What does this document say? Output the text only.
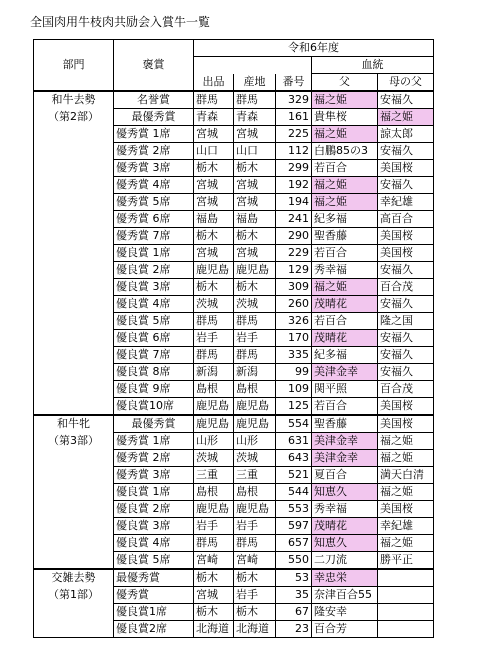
全国肉用牛枝肉共励会入賞牛一覧
部門	褒賞	令和6年度				
					血統	
		出品	産地	番号	父	母の父
和牛去勢	名誉賞	群馬	群馬	329	福之姫	安福久
（第2部）	最優秀賞	青森	青森	161	貴隼桜	福之姫
	優秀賞 1席	宮城	宮城	225	福之姫	諒太郎
	優秀賞 2席	山口	山口	112	白鵬85の3	安福久
	優秀賞 3席	栃木	栃木	299	若百合	美国桜
	優秀賞 4席	宮城	宮城	192	福之姫	安福久
	優秀賞 5席	宮城	宮城	194	福之姫	幸紀雄
	優秀賞 6席	福島	福島	241	紀多福	高百合
	優秀賞 7席	栃木	栃木	290	聖香藤	美国桜
	優良賞 1席	宮城	宮城	229	若百合	美国桜
	優良賞 2席	鹿児島	鹿児島	129	秀幸福	安福久
	優良賞 3席	栃木	栃木	309	福之姫	百合茂
	優良賞 4席	茨城	茨城	260	茂晴花	安福久
	優良賞 5席	群馬	群馬	326	若百合	隆之国
	優良賞 6席	岩手	岩手	170	茂晴花	安福久
	優良賞 7席	群馬	群馬	335	紀多福	安福久
	優良賞 8席	新潟	新潟	99	美津金幸	安福久
	優良賞 9席	島根	島根	109	関平照	百合茂
	優良賞10席	鹿児島	鹿児島	125	若百合	美国桜
和牛牝	最優秀賞	鹿児島	鹿児島	554	聖香藤	美国桜
（第3部）	優秀賞 1席	山形	山形	631	美津金幸	福之姫
	優秀賞 2席	茨城	茨城	643	美津金幸	福之姫
	優秀賞 3席	三重	三重	521	夏百合	満天白清
	優良賞 1席	島根	島根	544	知恵久	福之姫
	優良賞 2席	鹿児島	鹿児島	553	秀幸福	美国桜
	優良賞 3席	岩手	岩手	597	茂晴花	幸紀雄
	優良賞 4席	群馬	群馬	657	知恵久	福之姫
	優良賞 5席	宮崎	宮崎	550	二刀流	勝平正
交雑去勢	最優秀賞	栃木	栃木	53	幸忠栄	
（第1部）	優秀賞	宮城	岩手	35	奈津百合55	
	優良賞1席	栃木	栃木	67	隆安幸	
	優良賞2席	北海道	北海道	23	百合芳	
